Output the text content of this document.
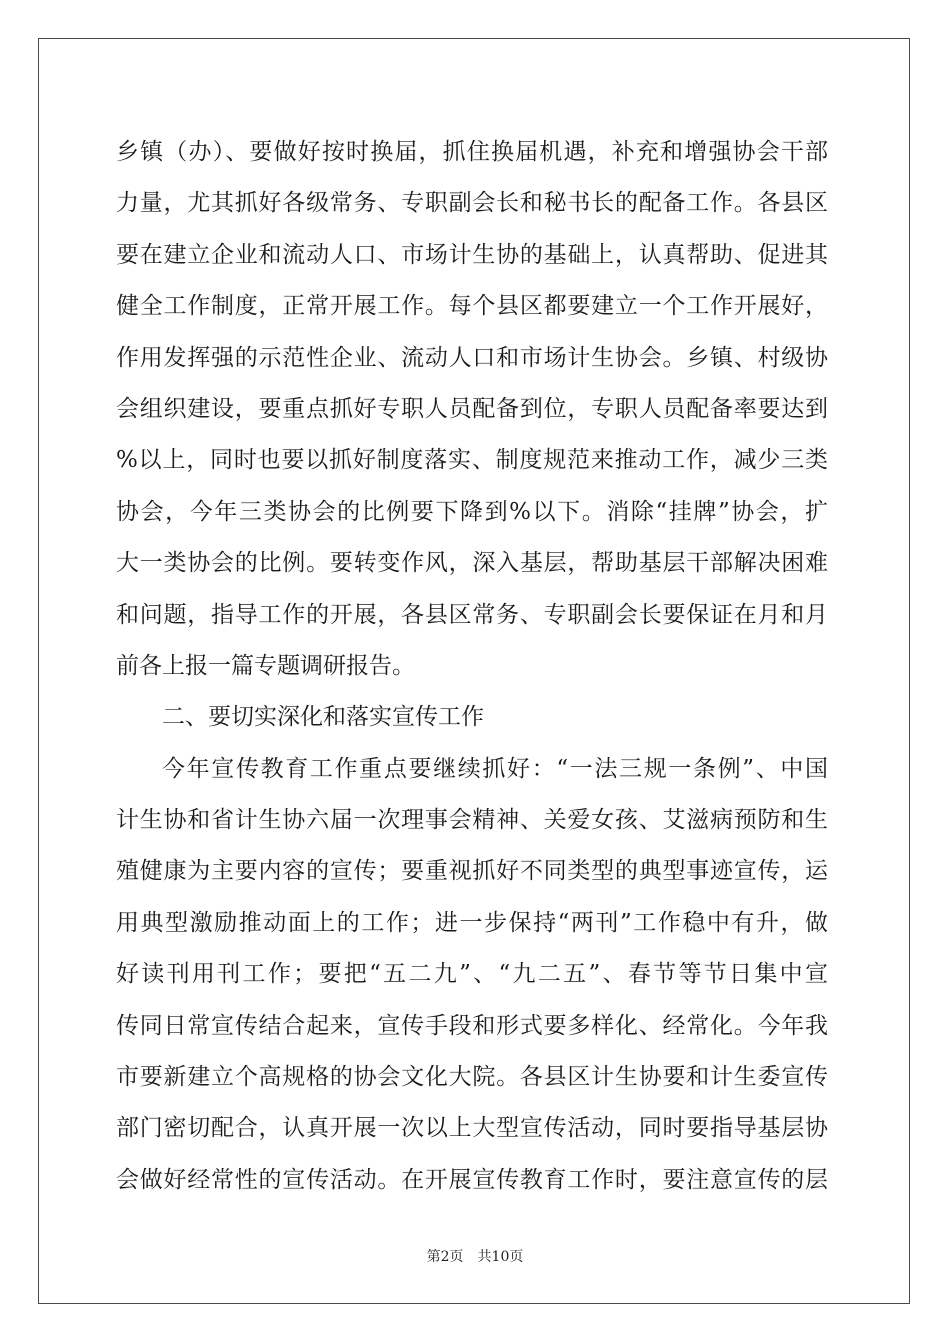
乡镇（办）、要做好按时换届，抓住换届机遇，补充和增强协会干部
力量，尤其抓好各级常务、专职副会长和秘书长的配备工作。各县区
要在建立企业和流动人口、市场计生协的基础上，认真帮助、促进其
健全工作制度，正常开展工作。每个县区都要建立一个工作开展好，
作用发挥强的示范性企业、流动人口和市场计生协会。乡镇、村级协
会组织建设，要重点抓好专职人员配备到位，专职人员配备率要达到
%以上，同时也要以抓好制度落实、制度规范来推动工作，减少三类
协会，今年三类协会的比例要下降到%以下。消除“挂牌”协会，扩
大一类协会的比例。要转变作风，深入基层，帮助基层干部解决困难
和问题，指导工作的开展，各县区常务、专职副会长要保证在月和月
前各上报一篇专题调研报告。
二、要切实深化和落实宣传工作
今年宣传教育工作重点要继续抓好：“一法三规一条例”、中国
计生协和省计生协六届一次理事会精神、关爱女孩、艾滋病预防和生
殖健康为主要内容的宣传；要重视抓好不同类型的典型事迹宣传，运
用典型激励推动面上的工作；进一步保持“两刊”工作稳中有升，做
好读刊用刊工作；要把“五二九”、“九二五”、春节等节日集中宣
传同日常宣传结合起来，宣传手段和形式要多样化、经常化。今年我
市要新建立个高规格的协会文化大院。各县区计生协要和计生委宣传
部门密切配合，认真开展一次以上大型宣传活动，同时要指导基层协
会做好经常性的宣传活动。在开展宣传教育工作时，要注意宣传的层
第2页 共10页
